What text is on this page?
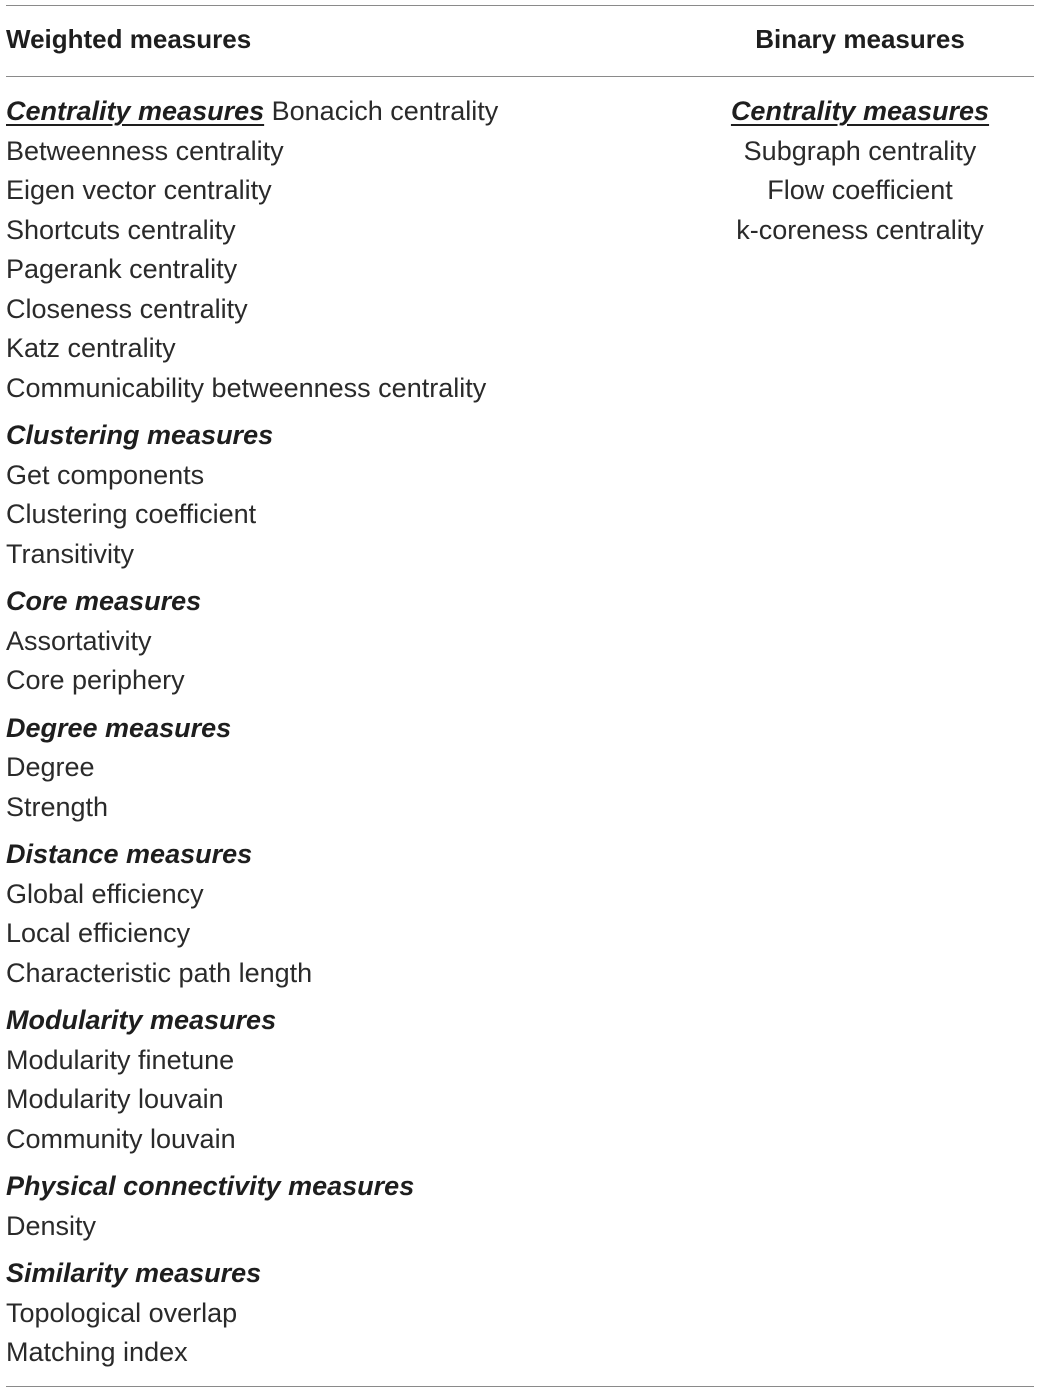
Weighted measures	Binary measures
Centrality measures Bonacich centrality
Betweenness centrality
Eigen vector centrality
Shortcuts centrality
Pagerank centrality
Closeness centrality
Katz centrality
Communicability betweenness centrality
Clustering measures
Get components
Clustering coefficient
Transitivity
Core measures
Assortativity
Core periphery
Degree measures
Degree
Strength
Distance measures
Global efficiency
Local efficiency
Characteristic path length
Modularity measures
Modularity finetune
Modularity louvain
Community louvain
Physical connectivity measures
Density
Similarity measures
Topological overlap
Matching index
Centrality measures
Subgraph centrality
Flow coefficient
k-coreness centrality
